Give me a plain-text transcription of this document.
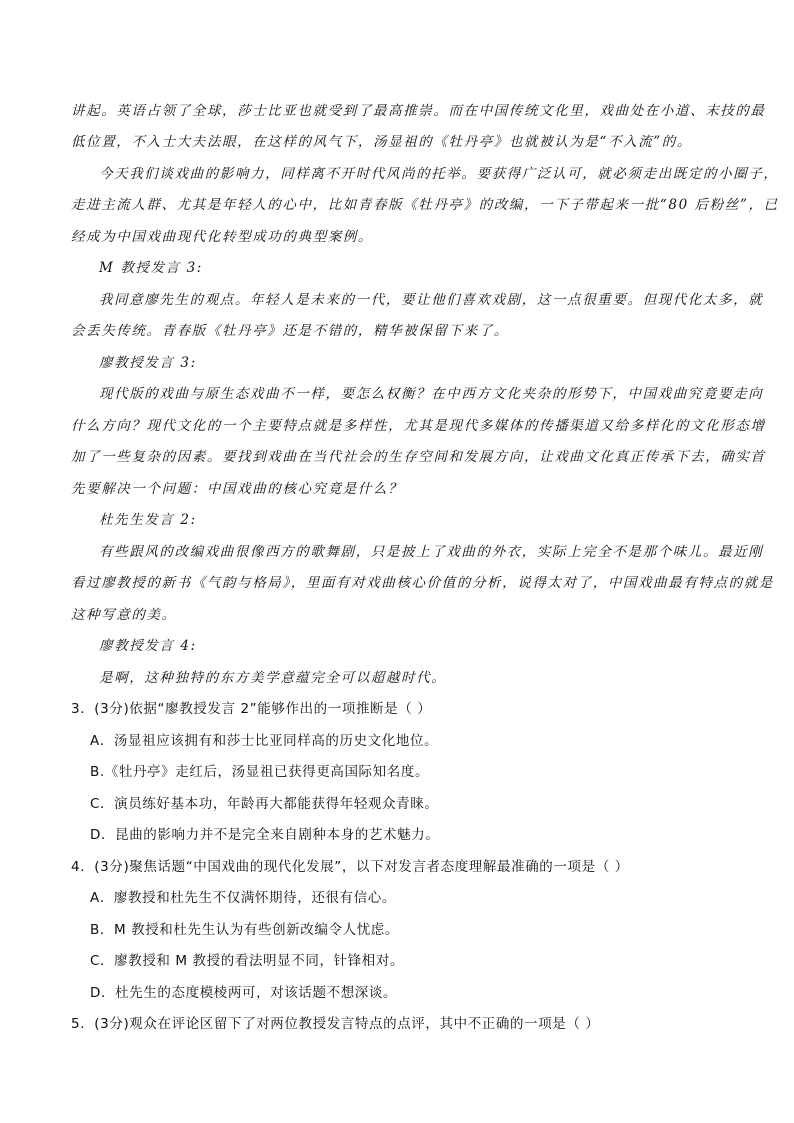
讲起。英语占领了全球，莎士比亚也就受到了最高推崇。而在中国传统文化里，戏曲处在小道、末技的最
低位置，不入士大夫法眼，在这样的风气下，汤显祖的《牡丹亭》也就被认为是“不入流”的。
今天我们谈戏曲的影响力，同样离不开时代风尚的托举。要获得广泛认可，就必须走出既定的小圈子，
走进主流人群、尤其是年轻人的心中，比如青春版《牡丹亭》的改编，一下子带起来一批“80 后粉丝”，已
经成为中国戏曲现代化转型成功的典型案例。
M 教授发言 3:
我同意廖先生的观点。年轻人是未来的一代，要让他们喜欢戏剧，这一点很重要。但现代化太多，就
会丢失传统。青春版《牡丹亭》还是不错的，精华被保留下来了。
廖教授发言 3:
现代版的戏曲与原生态戏曲不一样，要怎么权衡？在中西方文化夹杂的形势下，中国戏曲究竟要走向
什么方向？现代文化的一个主要特点就是多样性，尤其是现代多媒体的传播渠道又给多样化的文化形态增
加了一些复杂的因素。要找到戏曲在当代社会的生存空间和发展方向，让戏曲文化真正传承下去，确实首
先要解决一个问题：中国戏曲的核心究竟是什么？
杜先生发言 2:
有些跟风的改编戏曲很像西方的歌舞剧，只是披上了戏曲的外衣，实际上完全不是那个味儿。最近刚
看过廖教授的新书《气韵与格局》，里面有对戏曲核心价值的分析，说得太对了，中国戏曲最有特点的就是
这种写意的美。
廖教授发言 4:
是啊，这种独特的东方美学意蕴完全可以超越时代。
3．(3分)依据“廖教授发言 2”能够作出的一项推断是（ ）
A．汤显祖应该拥有和莎士比亚同样高的历史文化地位。
B.《牡丹亭》走红后，汤显祖已获得更高国际知名度。
C．演员练好基本功，年龄再大都能获得年轻观众青睐。
D．昆曲的影响力并不是完全来自剧种本身的艺术魅力。
4．(3分)聚焦话题“中国戏曲的现代化发展”，以下对发言者态度理解最准确的一项是（ ）
A．廖教授和杜先生不仅满怀期待，还很有信心。
B．M 教授和杜先生认为有些创新改编令人忧虑。
C．廖教授和 M 教授的看法明显不同，针锋相对。
D．杜先生的态度模棱两可，对该话题不想深谈。
5．(3分)观众在评论区留下了对两位教授发言特点的点评，其中不正确的一项是（ ）
